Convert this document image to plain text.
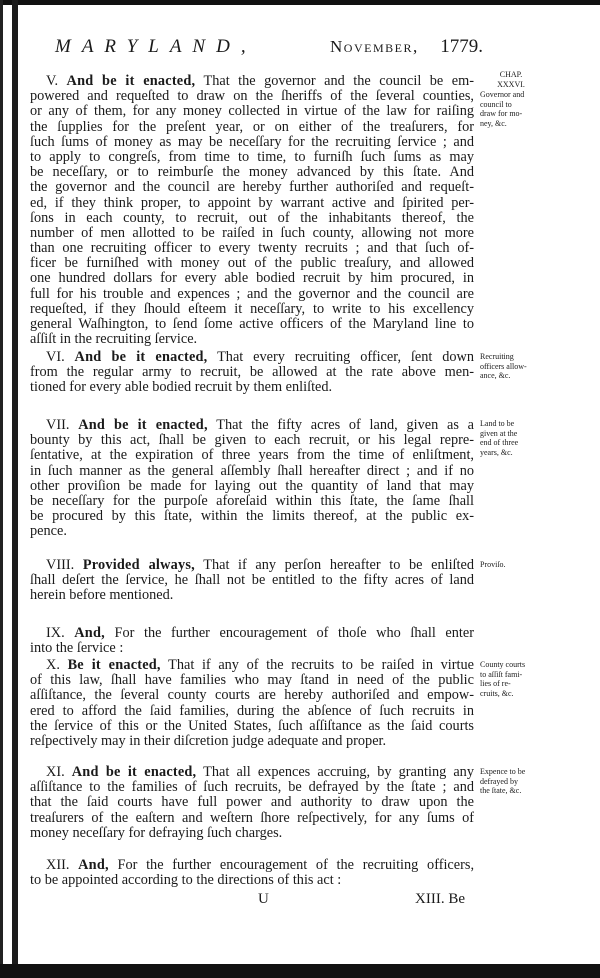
MARYLAND,	November, 1779.
V. And be it enacted, That the governor and the council be em-
powered and requeſted to draw on the ſheriffs of the ſeveral counties,
or any of them, for any money collected in virtue of the law for raiſing
the ſupplies for the preſent year, or on either of the treaſurers, for
ſuch ſums of money as may be neceſſary for the recruiting ſervice ; and
to apply to congreſs, from time to time, to furniſh ſuch ſums as may
be neceſſary, or to reimburſe the money advanced by this ſtate. And
the governor and the council are hereby further authoriſed and requeſt-
ed, if they think proper, to appoint by warrant active and ſpirited per-
ſons in each county, to recruit, out of the inhabitants thereof, the
number of men allotted to be raiſed in ſuch county, allowing not more
than one recruiting officer to every twenty recruits ; and that ſuch of-
ficer be furniſhed with money out of the public treaſury, and allowed
one hundred dollars for every able bodied recruit by him procured, in
full for his trouble and expences ; and the governor and the council are
requeſted, if they ſhould eſteem it neceſſary, to write to his excellency
general Waſhington, to ſend ſome active officers of the Maryland line to
aſſiſt in the recruiting ſervice.
VI. And be it enacted, That every recruiting officer, ſent down
from the regular army to recruit, be allowed at the rate above men-
tioned for every able bodied recruit by them enliſted.
VII. And be it enacted, That the fifty acres of land, given as a
bounty by this act, ſhall be given to each recruit, or his legal repre-
ſentative, at the expiration of three years from the time of enliſtment,
in ſuch manner as the general aſſembly ſhall hereafter direct ; and if no
other proviſion be made for laying out the quantity of land that may
be neceſſary for the purpoſe aforeſaid within this ſtate, the ſame ſhall
be procured by this ſtate, within the limits thereof, at the public ex-
pence.
VIII. Provided always, That if any perſon hereafter to be enliſted
ſhall deſert the ſervice, he ſhall not be entitled to the fifty acres of land
herein before mentioned.
IX. And, For the further encouragement of thoſe who ſhall enter
into the ſervice :
X. Be it enacted, That if any of the recruits to be raiſed in virtue
of this law, ſhall have families who may ſtand in need of the public
aſſiſtance, the ſeveral county courts are hereby authoriſed and empow-
ered to afford the ſaid families, during the abſence of ſuch recruits in
the ſervice of this or the United States, ſuch aſſiſtance as the ſaid courts
reſpectively may in their diſcretion judge adequate and proper.
XI. And be it enacted, That all expences accruing, by granting any
aſſiſtance to the families of ſuch recruits, be defrayed by the ſtate ; and
that the ſaid courts have full power and authority to draw upon the
treaſurers of the eaſtern and weſtern ſhore reſpectively, for any ſums of
money neceſſary for defraying ſuch charges.
XII. And, For the further encouragement of the recruiting officers,
to be appointed according to the directions of this act :
CHAP.
XXXVI.
Governor and
council to
draw for mo-
ney, &c.
Recruiting
officers allow-
ance, &c.
Land to be
given at the
end of three
years, &c.
Proviſo.
County courts
to aſſiſt fami-
lies of re-
cruits, &c.
Expence to be
defrayed by
the ſtate, &c.
U	XIII. Be
